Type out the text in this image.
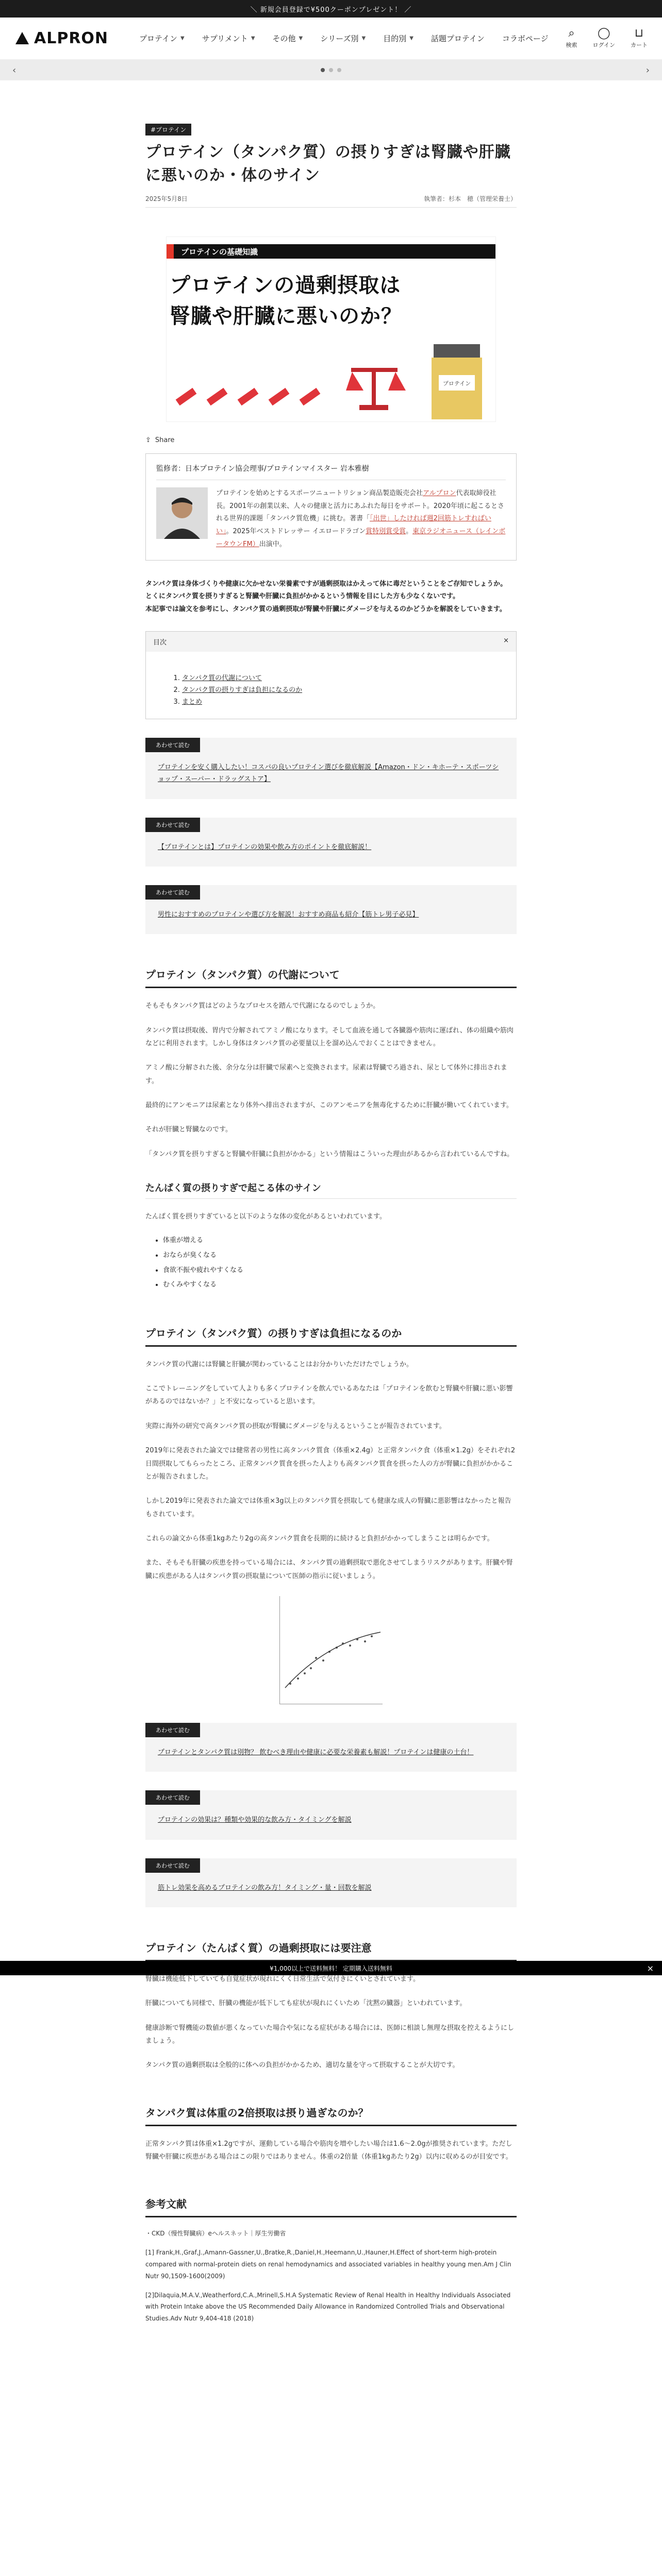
＼ 新規会員登録で¥500クーポンプレゼント！ ／
ALPRON	プロテイン ▼ サプリメント ▼ その他 ▼ シリーズ別 ▼ 目的別 ▼ 話題プロテイン コラボページ ⌕
検索
◯
ログイン
⊔
カート
‹	›
#プロテイン
プロテイン（タンパク質）の摂りすぎは腎臓や肝臓に悪いのか・体のサイン
2025年5月8日	執筆者：杉本　穂（管理栄養士）
プロテインの基礎知識
プロテインの過剰摂取は
腎臓や肝臓に悪いのか？
プロテイン
⇪ Share
監修者：日本プロテイン協会理事/プロテインマイスター 岩本雅樹
プロテインを始めとするスポーツニュートリション商品製造販売会社アルプロン代表取締役社長。2001年の創業以来、人々の健康と活力にあふれた毎日をサポート。2020年頃に起こるとされる世界的課題「タンパク質危機」に挑む。著書「「出世」したければ週2回筋トレすればいい」。2025年ベストドレッサー イエロードラゴン賞特別賞受賞。東京ラジオニュース（レインボータウンFM）出演中。

タンパク質は身体づくりや健康に欠かせない栄養素ですが過剰摂取はかえって体に毒だということをご存知でしょうか。

とくにタンパク質を摂りすぎると腎臓や肝臓に負担がかかるという情報を目にした方も少なくないです。

本記事では論文を参考にし、タンパク質の過剰摂取が腎臓や肝臓にダメージを与えるのかどうかを解説をしていきます。

目次	×
1. タンパク質の代謝について
2. タンパク質の摂りすぎは負担になるのか
3. まとめ
あわせて読む
プロテインを安く購入したい！コスパの良いプロテイン選びを徹底解説【Amazon・ドン・キホーテ・スポーツショップ・スーパー・ドラッグストア】
あわせて読む
【プロテインとは】プロテインの効果や飲み方のポイントを徹底解説！
あわせて読む
男性におすすめのプロテインや選び方を解説！おすすめ商品も紹介【筋トレ男子必見】
プロテイン（タンパク質）の代謝について

そもそもタンパク質はどのようなプロセスを踏んで代謝になるのでしょうか。

タンパク質は摂取後、胃内で分解されてアミノ酸になります。そして血液を通して各臓器や筋肉に運ばれ、体の組織や筋肉などに利用されます。しかし身体はタンパク質の必要量以上を溜め込んでおくことはできません。

アミノ酸に分解された後、余分な分は肝臓で尿素へと変換されます。尿素は腎臓でろ過され、尿として体外に排出されます。

最終的にアンモニアは尿素となり体外へ排出されますが、このアンモニアを無毒化するために肝臓が働いてくれています。

それが肝臓と腎臓なのです。

「タンパク質を摂りすぎると腎臓や肝臓に負担がかかる」という情報はこういった理由があるから言われているんですね。

たんぱく質の摂りすぎで起こる体のサイン

たんぱく質を摂りすぎていると以下のような体の変化があるといわれています。

• 体重が増える
• おならが臭くなる
• 食欲不振や疲れやすくなる
• むくみやすくなる
プロテイン（タンパク質）の摂りすぎは負担になるのか

タンパク質の代謝には腎臓と肝臓が関わっていることはお分かりいただけたでしょうか。

ここでトレーニングをしていて人よりも多くプロテインを飲んでいるあなたは「プロテインを飲むと腎臓や肝臓に悪い影響があるのではないか？」と不安になっていると思います。

実際に海外の研究で高タンパク質の摂取が腎臓にダメージを与えるということが報告されています。

2019年に発表された論文では健常者の男性に高タンパク質食（体重×2.4g）と正常タンパク食（体重×1.2g）をそれぞれ2日間摂取してもらったところ、正常タンパク質食を摂った人よりも高タンパク質食を摂った人の方が腎臓に負担がかかることが報告されました。

しかし2019年に発表された論文では体重×3g以上のタンパク質を摂取しても健康な成人の腎臓に悪影響はなかったと報告もされています。

これらの論文から体重1kgあたり2gの高タンパク質食を長期的に続けると負担がかかってしまうことは明らかです。

また、そもそも肝臓の疾患を持っている場合には、タンパク質の過剰摂取で悪化させてしまうリスクがあります。肝臓や腎臓に疾患がある人はタンパク質の摂取量について医師の指示に従いましょう。

あわせて読む
プロテインとタンパク質は別物？ 飲むべき理由や健康に必要な栄養素も解説！プロテインは健康の土台！
あわせて読む
プロテインの効果は？種類や効果的な飲み方・タイミングを解説
あわせて読む
筋トレ効果を高めるプロテインの飲み方！タイミング・量・回数を解説
プロテイン（たんぱく質）の過剰摂取には要注意

腎臓は機能低下していても自覚症状が現れにくく日常生活で気付きにくいとされています。

肝臓についても同様で、肝臓の機能が低下しても症状が現れにくいため「沈黙の臓器」といわれています。

健康診断で腎機能の数値が悪くなっていた場合や気になる症状がある場合には、医師に相談し無理な摂取を控えるようにしましょう。

タンパク質の過剰摂取は全般的に体への負担がかかるため、適切な量を守って摂取することが大切です。

タンパク質は体重の2倍摂取は摂り過ぎなのか？

正常タンパク質は体重×1.2gですが、運動している場合や筋肉を増やしたい場合は1.6〜2.0gが推奨されています。ただし腎臓や肝臓に疾患がある場合はこの限りではありません。体重の2倍量（体重1kgあたり2g）以内に収めるのが目安です。

参考文献
・CKD（慢性腎臓病）eヘルスネット｜厚生労働省
[1] Frank,H.,Graf,J.,Amann-Gassner,U.,Bratke,R.,Daniel,H.,Heemann,U.,Hauner,H.Effect of short-term high-protein compared with normal-protein diets on renal hemodynamics and associated variables in healthy young men.Am J Clin Nutr 90,1509-1600(2009)
[2]Dilaquia,M.A.V.,Weatherford,C.A.,Mrinell,S.H.A Systematic Review of Renal Health in Healthy Individuals Associated with Protein Intake above the US Recommended Daily Allowance in Randomized Controlled Trials and Observational Studies.Adv Nutr 9,404-418 (2018)
¥1,000以上で送料無料！ 定期購入送料無料	×
